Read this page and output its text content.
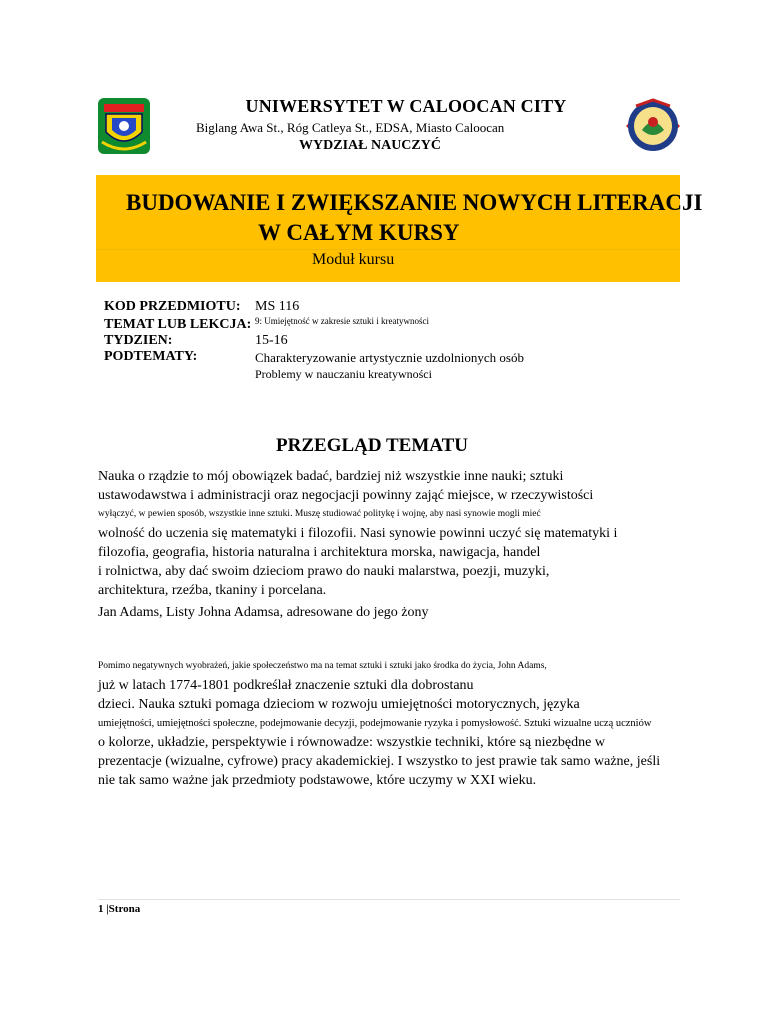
UNIWERSYTET W CALOOCAN CITY
Biglang Awa St., Róg Catleya St., EDSA, Miasto Caloocan
WYDZIAŁ NAUCZYĆ
BUDOWANIE I ZWIĘKSZANIE NOWYCH LITERACJI
W CAŁYM KURSY
Moduł kursu
KOD PRZEDMIOTU: MS 116
TEMAT LUB LEKCJA: 9: Umiejętność w zakresie sztuki i kreatywności
TYDZIEN:	15-16
PODTEMATY:	Charakteryzowanie artystycznie uzdolnionych osób
Problemy w nauczaniu kreatywności
PRZEGLĄD TEMATU
Nauka o rządzie to mój obowiązek badać, bardziej niż wszystkie inne nauki; sztuki
ustawodawstwa i administracji oraz negocjacji powinny zająć miejsce, w rzeczywistości
wyłączyć, w pewien sposób, wszystkie inne sztuki. Muszę studiować politykę i wojnę, aby nasi synowie mogli mieć
wolność do uczenia się matematyki i filozofii. Nasi synowie powinni uczyć się matematyki i
filozofia, geografia, historia naturalna i architektura morska, nawigacja, handel
i rolnictwa, aby dać swoim dzieciom prawo do nauki malarstwa, poezji, muzyki,
architektura, rzeźba, tkaniny i porcelana.
Jan Adams, Listy Johna Adamsa, adresowane do jego żony
Pomimo negatywnych wyobrażeń, jakie społeczeństwo ma na temat sztuki i sztuki jako środka do życia, John Adams,
już w latach 1774-1801 podkreślał znaczenie sztuki dla dobrostanu
dzieci. Nauka sztuki pomaga dzieciom w rozwoju umiejętności motorycznych, języka
umiejętności, umiejętności społeczne, podejmowanie decyzji, podejmowanie ryzyka i pomysłowość. Sztuki wizualne uczą uczniów
o kolorze, układzie, perspektywie i równowadze: wszystkie techniki, które są niezbędne w
prezentacje (wizualne, cyfrowe) pracy akademickiej. I wszystko to jest prawie tak samo ważne, jeśli
nie tak samo ważne jak przedmioty podstawowe, które uczymy w XXI wieku.
1 |Strona
